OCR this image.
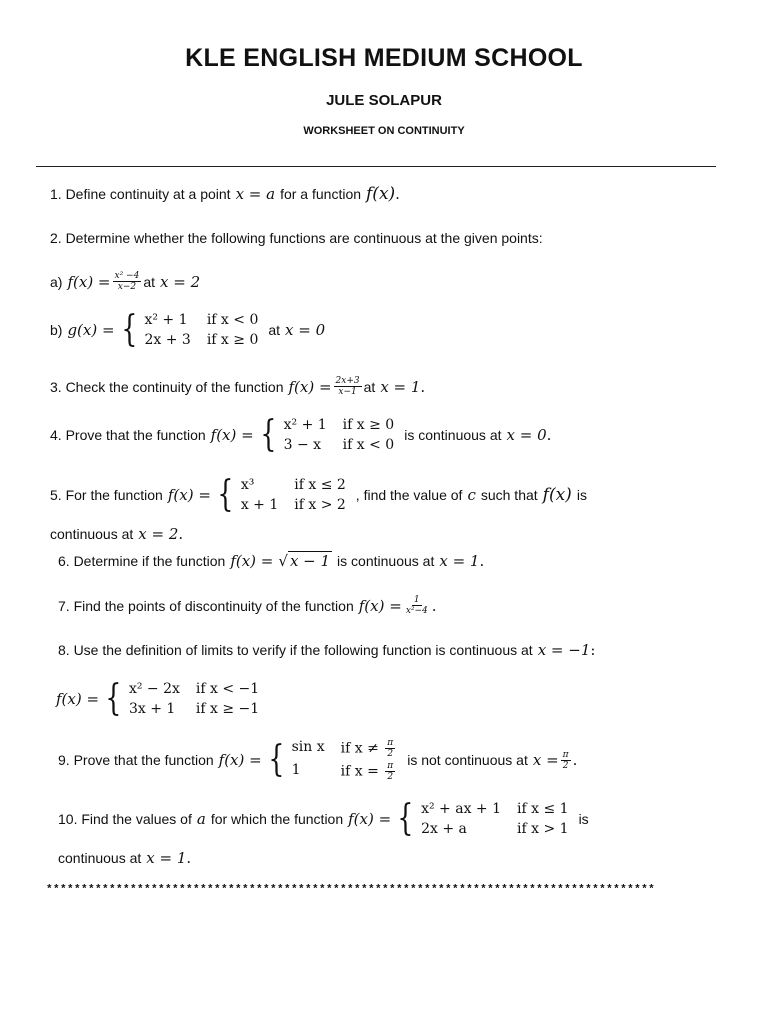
KLE ENGLISH MEDIUM SCHOOL
JULE SOLAPUR
WORKSHEET ON CONTINUITY
1. Define continuity at a point x = a for a function f(x) .
2. Determine whether the following functions are continuous at the given points:
a) $f(x) = \frac{\text{x² −4}}{x-2}$ at x = 2
b) g(x) = { x² + 1 if x < 0
2x + 3 if x ≥ 0
at x = 0
3. Check the continuity of the function $f(x) = \frac{2x+3}{x-1}$ at x = 1 .
4. Prove that the function f(x) = { x² + 1 if x ≥ 0
3 − x	if x < 0
is continuous at x = 0 .
5. For the function f(x) = { x³	if x ≤ 2
x + 1 if x > 2
, find the value of c such that f(x) is
continuous at x = 2 .
6. Determine if the function f(x) = √ x − 1 is continuous at x = 1 .
7. Find the points of discontinuity of the function $f(x) = \frac{1}{\text{x²−4}}$ .
8. Use the definition of limits to verify if the following function is continuous at x = −1 :
f(x) = { x² − 2x if x < −1
3x + 1	if x ≥ −1
9. Prove that the function f(x) = { sin x if $x \ne \frac{\pi}{2}$
1	if $x = \frac{\pi}{2}$
is not continuous at $x = \frac{\pi}{2}$ .
10. Find the values of a for which the function f(x) = { x² + ax + 1 if x ≤ 1
2x + a	if x > 1
is
continuous at x = 1 .
***************************************************************************************
